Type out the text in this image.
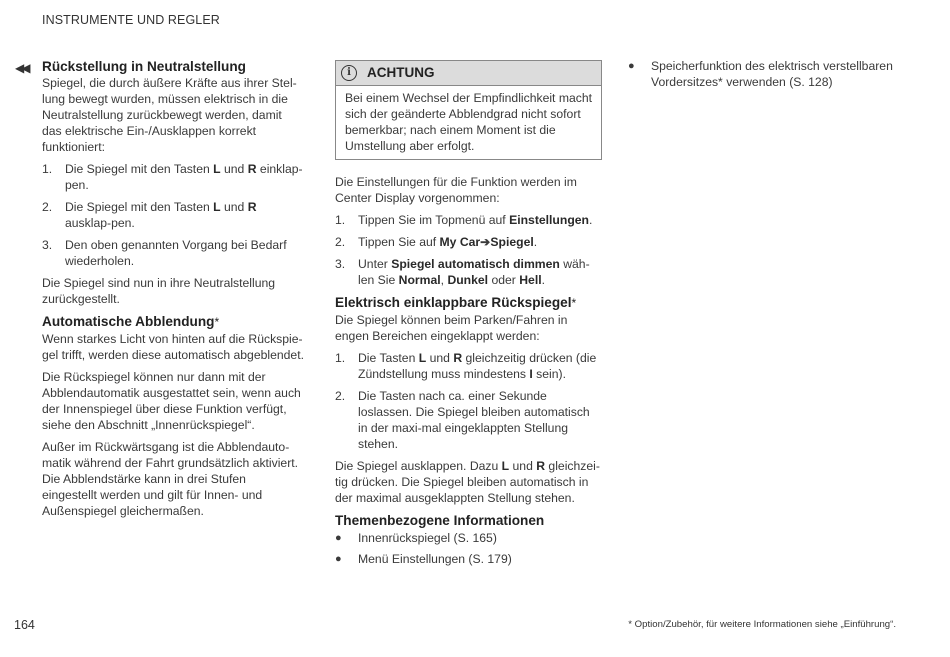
INSTRUMENTE UND REGLER
◀◀ Rückstellung in Neutralstellung

Spiegel, die durch äußere Kräfte aus ihrer Stel-lung bewegt wurden, müssen elektrisch in die Neutralstellung zurückbewegt werden, damit das elektrische Ein-/Ausklappen korrekt funktioniert:

1. Die Spiegel mit den Tasten L und R einklap-pen.
2. Die Spiegel mit den Tasten L und R ausklap-pen.
3. Den oben genannten Vorgang bei Bedarf wiederholen.

Die Spiegel sind nun in ihre Neutralstellung zurückgestellt.

Automatische Abblendung*

Wenn starkes Licht von hinten auf die Rückspie-gel trifft, werden diese automatisch abgeblendet.

Die Rückspiegel können nur dann mit der Abblendautomatik ausgestattet sein, wenn auch der Innenspiegel über diese Funktion verfügt, siehe den Abschnitt „Innenrückspiegel“.

Außer im Rückwärtsgang ist die Abblendauto-matik während der Fahrt grundsätzlich aktiviert. Die Abblendstärke kann in drei Stufen eingestellt werden und gilt für Innen- und Außenspiegel gleichermaßen.

i	ACHTUNG
Bei einem Wechsel der Empfindlichkeit macht sich der geänderte Abblendgrad nicht sofort bemerkbar; nach einem Moment ist die Umstellung aber erfolgt.

Die Einstellungen für die Funktion werden im Center Display vorgenommen:

1. Tippen Sie im Topmenü auf Einstellungen.
2. Tippen Sie auf My Car➔Spiegel.
3. Unter Spiegel automatisch dimmen wäh-len Sie Normal, Dunkel oder Hell.
Elektrisch einklappbare Rückspiegel*

Die Spiegel können beim Parken/Fahren in engen Bereichen eingeklappt werden:

1. Die Tasten L und R gleichzeitig drücken (die Zündstellung muss mindestens I sein).
2. Die Tasten nach ca. einer Sekunde loslassen. Die Spiegel bleiben automatisch in der maxi-mal eingeklappten Stellung stehen.

Die Spiegel ausklappen. Dazu L und R gleichzei-tig drücken. Die Spiegel bleiben automatisch in der maximal ausgeklappten Stellung stehen.

Themenbezogene Informationen
● Innenrückspiegel (S. 165)
● Menü Einstellungen (S. 179)
● Speicherfunktion des elektrisch verstellbaren Vordersitzes* verwenden (S. 128)
164	* Option/Zubehör, für weitere Informationen siehe „Einführung“.
